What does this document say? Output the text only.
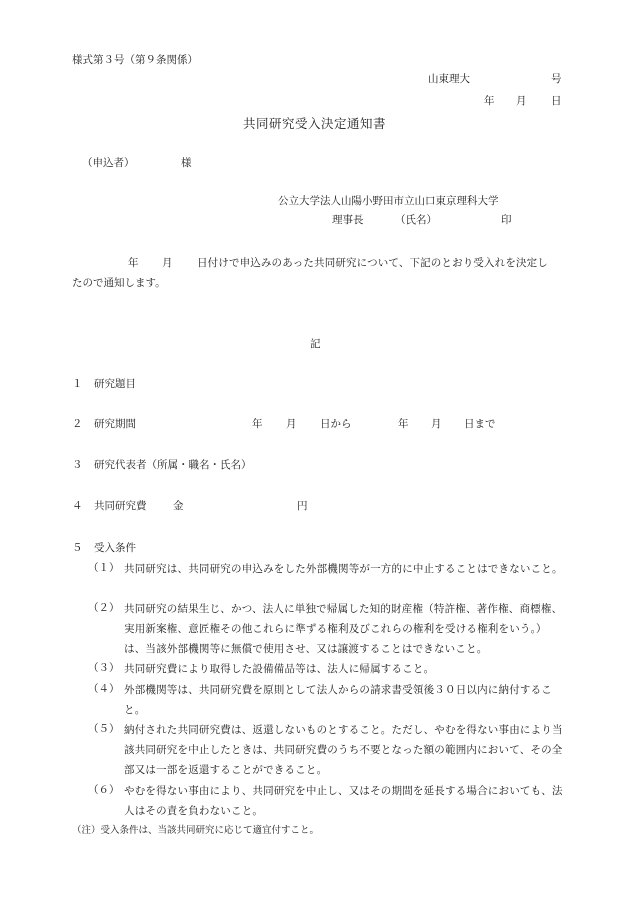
様式第３号（第９条関係）
山東理大	号
年 月 日
共同研究受入決定通知書
（申込者）	様
公立大学法人山陽小野田市立山口東京理科大学
理事長	（氏名）	印
年 月 日付けで申込みのあった共同研究について、下記のとおり受入れを決定し
たので通知します。
記
１ 研究題目
２ 研究期間	年 月 日から	年 月 日まで
３ 研究代表者（所属・職名・氏名）
４ 共同研究費	金	円
５ 受入条件
（１） 共同研究は、共同研究の申込みをした外部機関等が一方的に中止することはできないこと。
（２） 共同研究の結果生じ、かつ、法人に単独で帰属した知的財産権（特許権、著作権、商標権、実用新案権、意匠権その他これらに準ずる権利及びこれらの権利を受ける権利をいう。）は、当該外部機関等に無償で使用させ、又は譲渡することはできないこと。
（３） 共同研究費により取得した設備備品等は、法人に帰属すること。
（４） 外部機関等は、共同研究費を原則として法人からの請求書受領後３０日以内に納付すること。
（５） 納付された共同研究費は、返還しないものとすること。ただし、やむを得ない事由により当該共同研究を中止したときは、共同研究費のうち不要となった額の範囲内において、その全部又は一部を返還することができること。
（６） やむを得ない事由により、共同研究を中止し、又はその期間を延長する場合においても、法人はその責を負わないこと。
（注）受入条件は、当該共同研究に応じて適宜付すこと。
